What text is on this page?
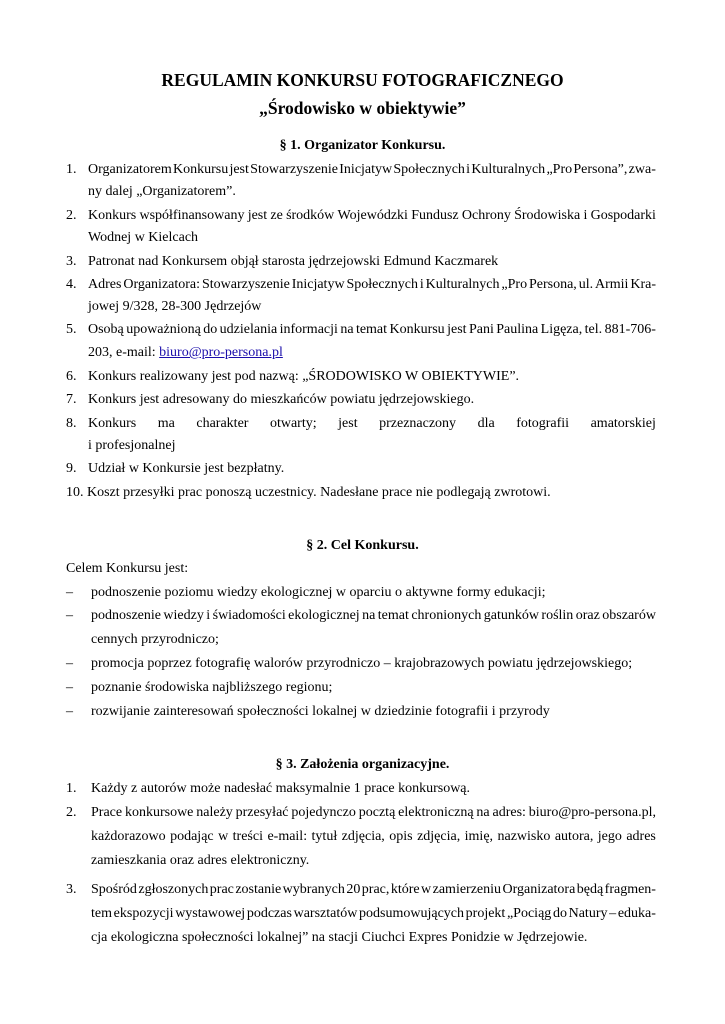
REGULAMIN KONKURSU FOTOGRAFICZNEGO
„Środowisko w obiektywie”
§ 1. Organizator Konkursu.
1. Organizatorem Konkursu jest Stowarzyszenie Inicjatyw Społecznych i Kulturalnych „Pro Persona”, zwa-
ny dalej „Organizatorem”.
2. Konkurs współfinansowany jest ze środków Wojewódzki Fundusz Ochrony Środowiska i Gospodarki
Wodnej w Kielcach
3. Patronat nad Konkursem objął starosta jędrzejowski Edmund Kaczmarek
4. Adres Organizatora: Stowarzyszenie Inicjatyw Społecznych i Kulturalnych „Pro Persona, ul. Armii Kra-
jowej 9/328, 28-300 Jędrzejów
5. Osobą upoważnioną do udzielania informacji na temat Konkursu jest Pani Paulina Ligęza, tel. 881-706-
203, e-mail: biuro@pro-persona.pl
6. Konkurs realizowany jest pod nazwą: „ŚRODOWISKO W OBIEKTYWIE”.
7. Konkurs jest adresowany do mieszkańców powiatu jędrzejowskiego.
8. Konkurs ma charakter otwarty; jest przeznaczony dla fotografii amatorskiej
i profesjonalnej
9. Udział w Konkursie jest bezpłatny.
10. Koszt przesyłki prac ponoszą uczestnicy. Nadesłane prace nie podlegają zwrotowi.
§ 2. Cel Konkursu.
Celem Konkursu jest:
– podnoszenie poziomu wiedzy ekologicznej w oparciu o aktywne formy edukacji;
– podnoszenie wiedzy i świadomości ekologicznej na temat chronionych gatunków roślin oraz obszarów
cennych przyrodniczo;
– promocja poprzez fotografię walorów przyrodniczo – krajobrazowych powiatu jędrzejowskiego;
– poznanie środowiska najbliższego regionu;
– rozwijanie zainteresowań społeczności lokalnej w dziedzinie fotografii i przyrody
§ 3. Założenia organizacyjne.
1. Każdy z autorów może nadesłać maksymalnie 1 prace konkursową.
2. Prace konkursowe należy przesyłać pojedynczo pocztą elektroniczną na adres: biuro@pro-persona.pl,
każdorazowo podając w treści e-mail: tytuł zdjęcia, opis zdjęcia, imię, nazwisko autora, jego adres
zamieszkania oraz adres elektroniczny.
3. Spośród zgłoszonych prac zostanie wybranych 20 prac, które w zamierzeniu Organizatora będą fragmen-
tem ekspozycji wystawowej podczas warsztatów podsumowujących projekt „Pociąg do Natury – eduka-
cja ekologiczna społeczności lokalnej” na stacji Ciuchci Expres Ponidzie w Jędrzejowie.
